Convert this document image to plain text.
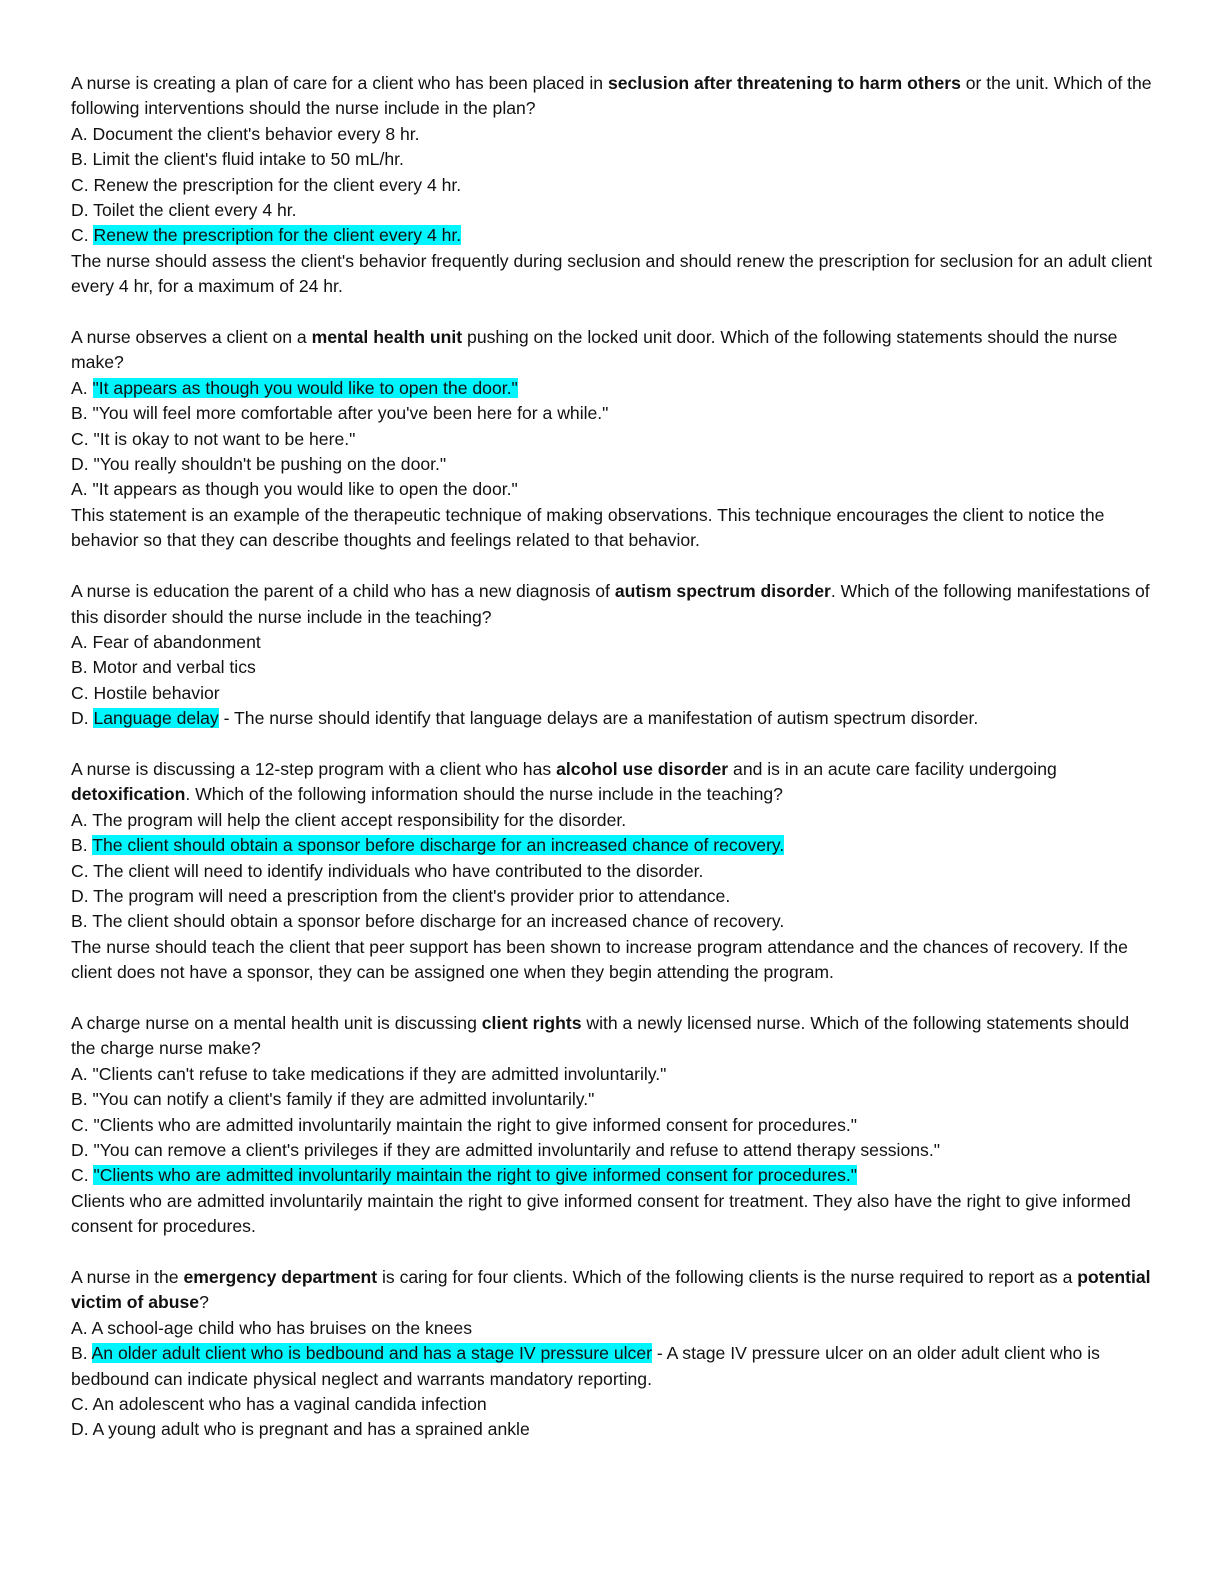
A nurse is creating a plan of care for a client who has been placed in seclusion after threatening to harm others or the unit. Which of the following interventions should the nurse include in the plan?
A. Document the client's behavior every 8 hr.
B. Limit the client's fluid intake to 50 mL/hr.
C. Renew the prescription for the client every 4 hr.
D. Toilet the client every 4 hr.
C. Renew the prescription for the client every 4 hr.
The nurse should assess the client's behavior frequently during seclusion and should renew the prescription for seclusion for an adult client every 4 hr, for a maximum of 24 hr.
A nurse observes a client on a mental health unit pushing on the locked unit door. Which of the following statements should the nurse make?
A. "It appears as though you would like to open the door."
B. "You will feel more comfortable after you've been here for a while."
C. "It is okay to not want to be here."
D. "You really shouldn't be pushing on the door."
A. "It appears as though you would like to open the door."
This statement is an example of the therapeutic technique of making observations. This technique encourages the client to notice the behavior so that they can describe thoughts and feelings related to that behavior.
A nurse is education the parent of a child who has a new diagnosis of autism spectrum disorder. Which of the following manifestations of this disorder should the nurse include in the teaching?
A. Fear of abandonment
B. Motor and verbal tics
C. Hostile behavior
D. Language delay - The nurse should identify that language delays are a manifestation of autism spectrum disorder.
A nurse is discussing a 12-step program with a client who has alcohol use disorder and is in an acute care facility undergoing detoxification. Which of the following information should the nurse include in the teaching?
A. The program will help the client accept responsibility for the disorder.
B. The client should obtain a sponsor before discharge for an increased chance of recovery.
C. The client will need to identify individuals who have contributed to the disorder.
D. The program will need a prescription from the client's provider prior to attendance.
B. The client should obtain a sponsor before discharge for an increased chance of recovery.
The nurse should teach the client that peer support has been shown to increase program attendance and the chances of recovery. If the client does not have a sponsor, they can be assigned one when they begin attending the program.
A charge nurse on a mental health unit is discussing client rights with a newly licensed nurse. Which of the following statements should the charge nurse make?
A. "Clients can't refuse to take medications if they are admitted involuntarily."
B. "You can notify a client's family if they are admitted involuntarily."
C. "Clients who are admitted involuntarily maintain the right to give informed consent for procedures."
D. "You can remove a client's privileges if they are admitted involuntarily and refuse to attend therapy sessions."
C. "Clients who are admitted involuntarily maintain the right to give informed consent for procedures."
Clients who are admitted involuntarily maintain the right to give informed consent for treatment. They also have the right to give informed consent for procedures.
A nurse in the emergency department is caring for four clients. Which of the following clients is the nurse required to report as a potential victim of abuse?
A. A school-age child who has bruises on the knees
B. An older adult client who is bedbound and has a stage IV pressure ulcer - A stage IV pressure ulcer on an older adult client who is bedbound can indicate physical neglect and warrants mandatory reporting.
C. An adolescent who has a vaginal candida infection
D. A young adult who is pregnant and has a sprained ankle
